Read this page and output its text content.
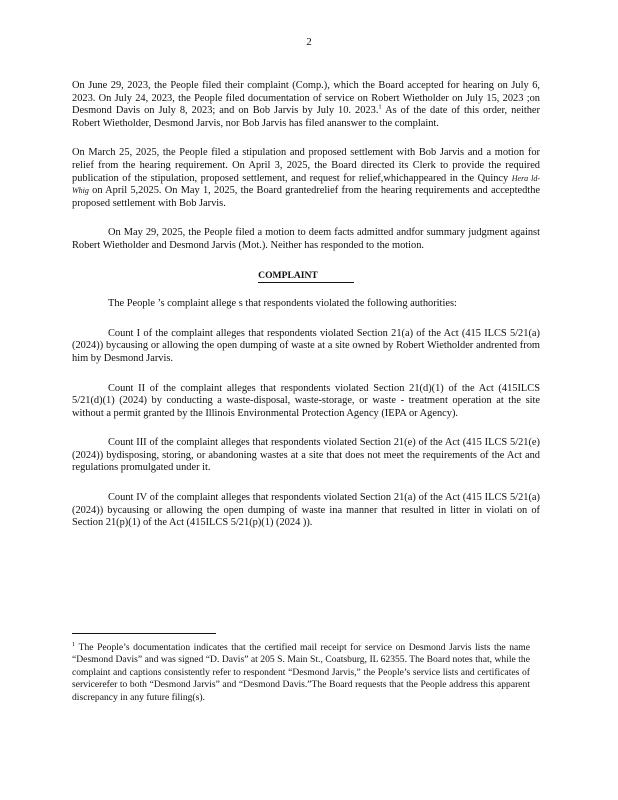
2

On June 29, 2023, the People filed their complaint (Comp.), which the Board accepted for hearing on July 6, 2023. On July 24, 2023, the People filed documentation of service on Robert Wietholder on July 15, 2023 ;on Desmond Davis on July 8, 2023; and on Bob Jarvis by July 10. 2023.$^1$ As of the date of this order, neither Robert Wietholder, Desmond Jarvis, nor Bob Jarvis has filed ananswer to the complaint.

On March 25, 2025, the People filed a stipulation and proposed settlement with Bob Jarvis and a motion for relief from the hearing requirement. On April 3, 2025, the Board directed its Clerk to provide the required publication of the stipulation, proposed settlement, and request for relief,whichappeared in the Quincy Hera ld- Whig on April 5,2025. On May 1, 2025, the Board grantedrelief from the hearing requirements and acceptedthe proposed settlement with Bob Jarvis.

On May 29, 2025, the People filed a motion to deem facts admitted andfor summary judgment against Robert Wietholder and Desmond Jarvis (Mot.). Neither has responded to the motion.

COMPLAINT

The People ’s complaint allege s that respondents violated the following authorities:

Count I of the complaint alleges that respondents violated Section 21(a) of the Act (415 ILCS 5/21(a) (2024)) bycausing or allowing the open dumping of waste at a site owned by Robert Wietholder andrented from him by Desmond Jarvis.

Count II of the complaint alleges that respondents violated Section 21(d)(1) of the Act (415ILCS 5/21(d)(1) (2024) by conducting a waste-disposal, waste-storage, or waste - treatment operation at the site without a permit granted by the Illinois Environmental Protection Agency (IEPA or Agency).

Count III of the complaint alleges that respondents violated Section 21(e) of the Act (415 ILCS 5/21(e) (2024)) bydisposing, storing, or abandoning wastes at a site that does not meet the requirements of the Act and regulations promulgated under it.

Count IV of the complaint alleges that respondents violated Section 21(a) of the Act (415 ILCS 5/21(a) (2024)) bycausing or allowing the open dumping of waste ina manner that resulted in litter in violati on of Section 21(p)(1) of the Act (415ILCS 5/21(p)(1) (2024 )).

$^1$ The People’s documentation indicates that the certified mail receipt for service on Desmond Jarvis lists the name “Desmond Davis” and was signed “D. Davis” at 205 S. Main St., Coatsburg, IL 62355. The Board notes that, while the complaint and captions consistently refer to respondent “Desmond Jarvis,” the People’s service lists and certificates of servicerefer to both “Desmond Jarvis” and “Desmond Davis.”The Board requests that the People address this apparent discrepancy in any future filing(s).
